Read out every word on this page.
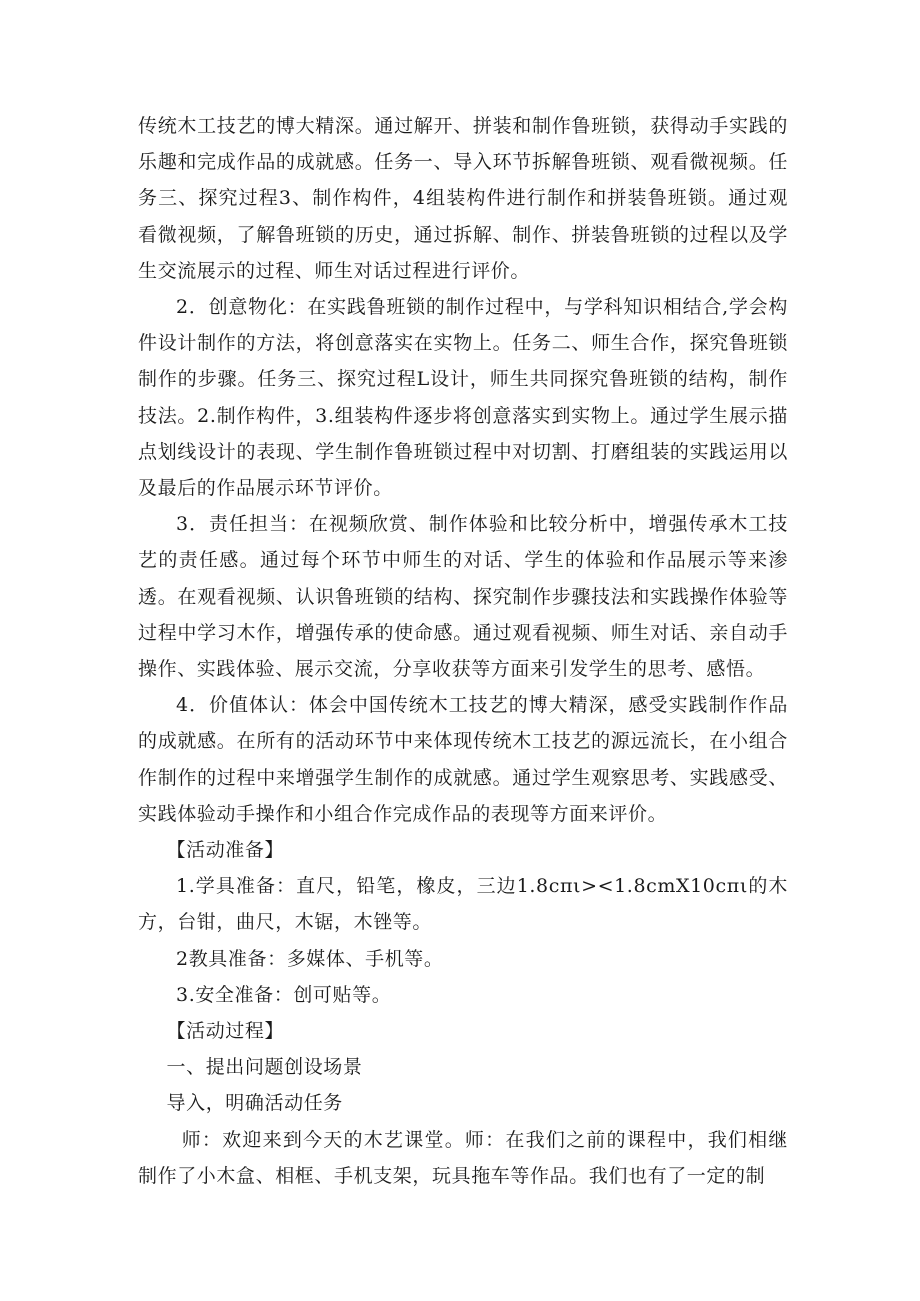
传统木工技艺的博大精深。通过解开、拼装和制作鲁班锁，获得动手实践的乐趣和完成作品的成就感。任务一、导入环节拆解鲁班锁、观看微视频。任务三、探究过程3、制作构件，4组装构件进行制作和拼装鲁班锁。通过观看微视频，了解鲁班锁的历史，通过拆解、制作、拼装鲁班锁的过程以及学生交流展示的过程、师生对话过程进行评价。

2．创意物化：在实践鲁班锁的制作过程中，与学科知识相结合,学会构件设计制作的方法，将创意落实在实物上。任务二、师生合作，探究鲁班锁制作的步骤。任务三、探究过程L设计，师生共同探究鲁班锁的结构，制作技法。2.制作构件，3.组装构件逐步将创意落实到实物上。通过学生展示描点划线设计的表现、学生制作鲁班锁过程中对切割、打磨组装的实践运用以及最后的作品展示环节评价。

3．责任担当：在视频欣赏、制作体验和比较分析中，增强传承木工技艺的责任感。通过每个环节中师生的对话、学生的体验和作品展示等来渗透。在观看视频、认识鲁班锁的结构、探究制作步骤技法和实践操作体验等过程中学习木作，增强传承的使命感。通过观看视频、师生对话、亲自动手操作、实践体验、展示交流，分享收获等方面来引发学生的思考、感悟。

4．价值体认：体会中国传统木工技艺的博大精深，感受实践制作作品的成就感。在所有的活动环节中来体现传统木工技艺的源远流长，在小组合作制作的过程中来增强学生制作的成就感。通过学生观察思考、实践感受、实践体验动手操作和小组合作完成作品的表现等方面来评价。

【活动准备】

1.学具准备：直尺，铅笔，橡皮，三边1.8cπι><1.8cmX10cπι的木方，台钳，曲尺，木锯，木锉等。

2教具准备：多媒体、手机等。

3.安全准备：创可贴等。

【活动过程】

一、提出问题创设场景

导入，明确活动任务

师：欢迎来到今天的木艺课堂。师：在我们之前的课程中，我们相继制作了小木盒、相框、手机支架，玩具拖车等作品。我们也有了一定的制
